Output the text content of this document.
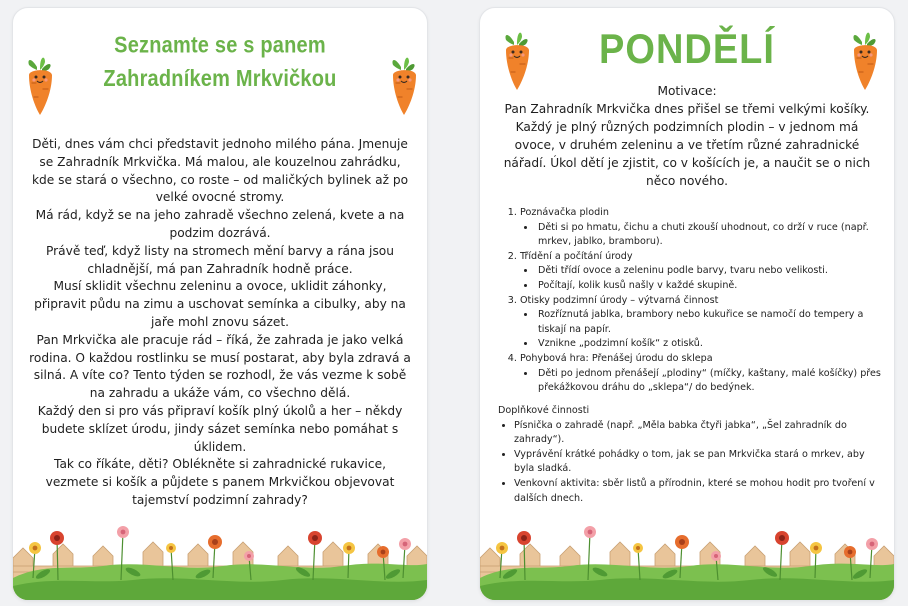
Seznamte se s panem Zahradníkem Mrkvičkou

Děti, dnes vám chci představit jednoho milého pána. Jmenuje se Zahradník Mrkvička. Má malou, ale kouzelnou zahrádku, kde se stará o všechno, co roste – od maličkých bylinek až po velké ovocné stromy.

Má rád, když se na jeho zahradě všechno zelená, kvete a na podzim dozrává.

Právě teď, když listy na stromech mění barvy a rána jsou chladnější, má pan Zahradník hodně práce.

Musí sklidit všechnu zeleninu a ovoce, uklidit záhonky, připravit půdu na zimu a uschovat semínka a cibulky, aby na jaře mohl znovu sázet.

Pan Mrkvička ale pracuje rád – říká, že zahrada je jako velká rodina. O každou rostlinku se musí postarat, aby byla zdravá a silná. A víte co? Tento týden se rozhodl, že vás vezme k sobě na zahradu a ukáže vám, co všechno dělá.

Každý den si pro vás připraví košík plný úkolů a her – někdy budete sklízet úrodu, jindy sázet semínka nebo pomáhat s úklidem.

Tak co říkáte, děti? Oblékněte si zahradnické rukavice, vezmete si košík a půjdete s panem Mrkvičkou objevovat tajemství podzimní zahrady?

PONDĚLÍ

Motivace:

Pan Zahradník Mrkvička dnes přišel se třemi velkými košíky. Každý je plný různých podzimních plodin – v jednom má ovoce, v druhém zeleninu a ve třetím různé zahradnické nářadí. Úkol dětí je zjistit, co v košících je, a naučit se o nich něco nového.

1. Poznávačka plodin
• Děti si po hmatu, čichu a chuti zkouší uhodnout, co drží v ruce (např. mrkev, jablko, bramboru).
2. Třídění a počítání úrody
• Děti třídí ovoce a zeleninu podle barvy, tvaru nebo velikosti.
• Počítají, kolik kusů našly v každé skupině.
3. Otisky podzimní úrody – výtvarná činnost
• Rozříznutá jablka, brambory nebo kukuřice se namočí do tempery a tiskají na papír.
• Vznikne „podzimní košík“ z otisků.
4. Pohybová hra: Přenášej úrodu do sklepa
• Děti po jednom přenášejí „plodiny“ (míčky, kaštany, malé košíčky) přes překážkovou dráhu do „sklepa“/ do bedýnek.

Doplňkové činnosti

• Písnička o zahradě (např. „Měla babka čtyři jabka“, „Šel zahradník do zahrady“).
• Vyprávění krátké pohádky o tom, jak se pan Mrkvička stará o mrkev, aby byla sladká.
• Venkovní aktivita: sběr listů a přírodnin, které se mohou hodit pro tvoření v dalších dnech.
